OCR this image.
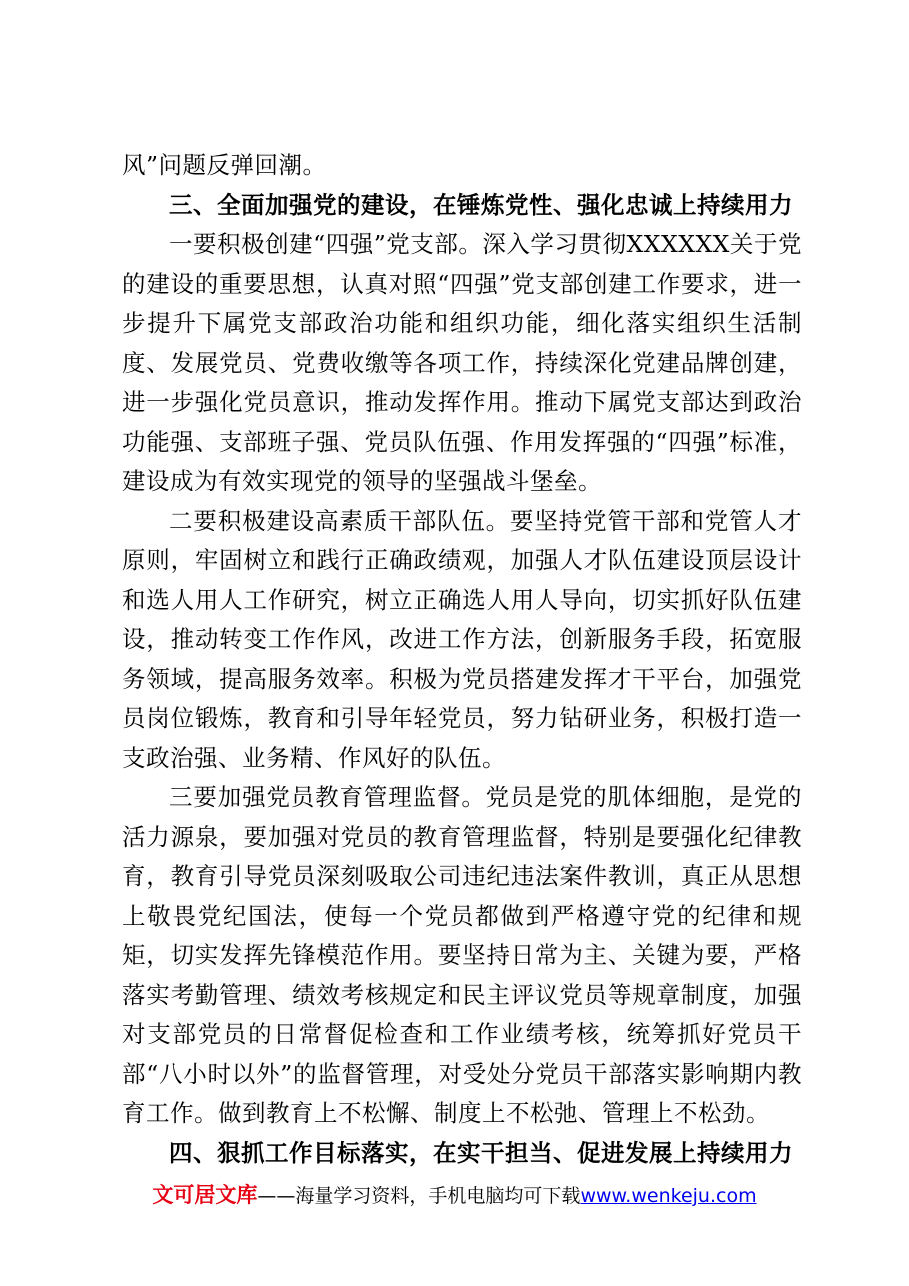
风”问题反弹回潮。

三、全面加强党的建设，在锤炼党性、强化忠诚上持续用力

一要积极创建“四强”党支部。深入学习贯彻XXXXXX关于党的建设的重要思想，认真对照“四强”党支部创建工作要求，进一步提升下属党支部政治功能和组织功能，细化落实组织生活制度、发展党员、党费收缴等各项工作，持续深化党建品牌创建，进一步强化党员意识，推动发挥作用。推动下属党支部达到政治功能强、支部班子强、党员队伍强、作用发挥强的“四强”标准，建设成为有效实现党的领导的坚强战斗堡垒。

二要积极建设高素质干部队伍。要坚持党管干部和党管人才原则，牢固树立和践行正确政绩观，加强人才队伍建设顶层设计和选人用人工作研究，树立正确选人用人导向，切实抓好队伍建设，推动转变工作作风，改进工作方法，创新服务手段，拓宽服务领域，提高服务效率。积极为党员搭建发挥才干平台，加强党员岗位锻炼，教育和引导年轻党员，努力钻研业务，积极打造一支政治强、业务精、作风好的队伍。

三要加强党员教育管理监督。党员是党的肌体细胞，是党的活力源泉，要加强对党员的教育管理监督，特别是要强化纪律教育，教育引导党员深刻吸取公司违纪违法案件教训，真正从思想上敬畏党纪国法，使每一个党员都做到严格遵守党的纪律和规矩，切实发挥先锋模范作用。要坚持日常为主、关键为要，严格落实考勤管理、绩效考核规定和民主评议党员等规章制度，加强对支部党员的日常督促检查和工作业绩考核，统筹抓好党员干部“八小时以外”的监督管理，对受处分党员干部落实影响期内教育工作。做到教育上不松懈、制度上不松弛、管理上不松劲。

四、狠抓工作目标落实，在实干担当、促进发展上持续用力

文可居文库——海量学习资料，手机电脑均可下载www.wenkeju.com
